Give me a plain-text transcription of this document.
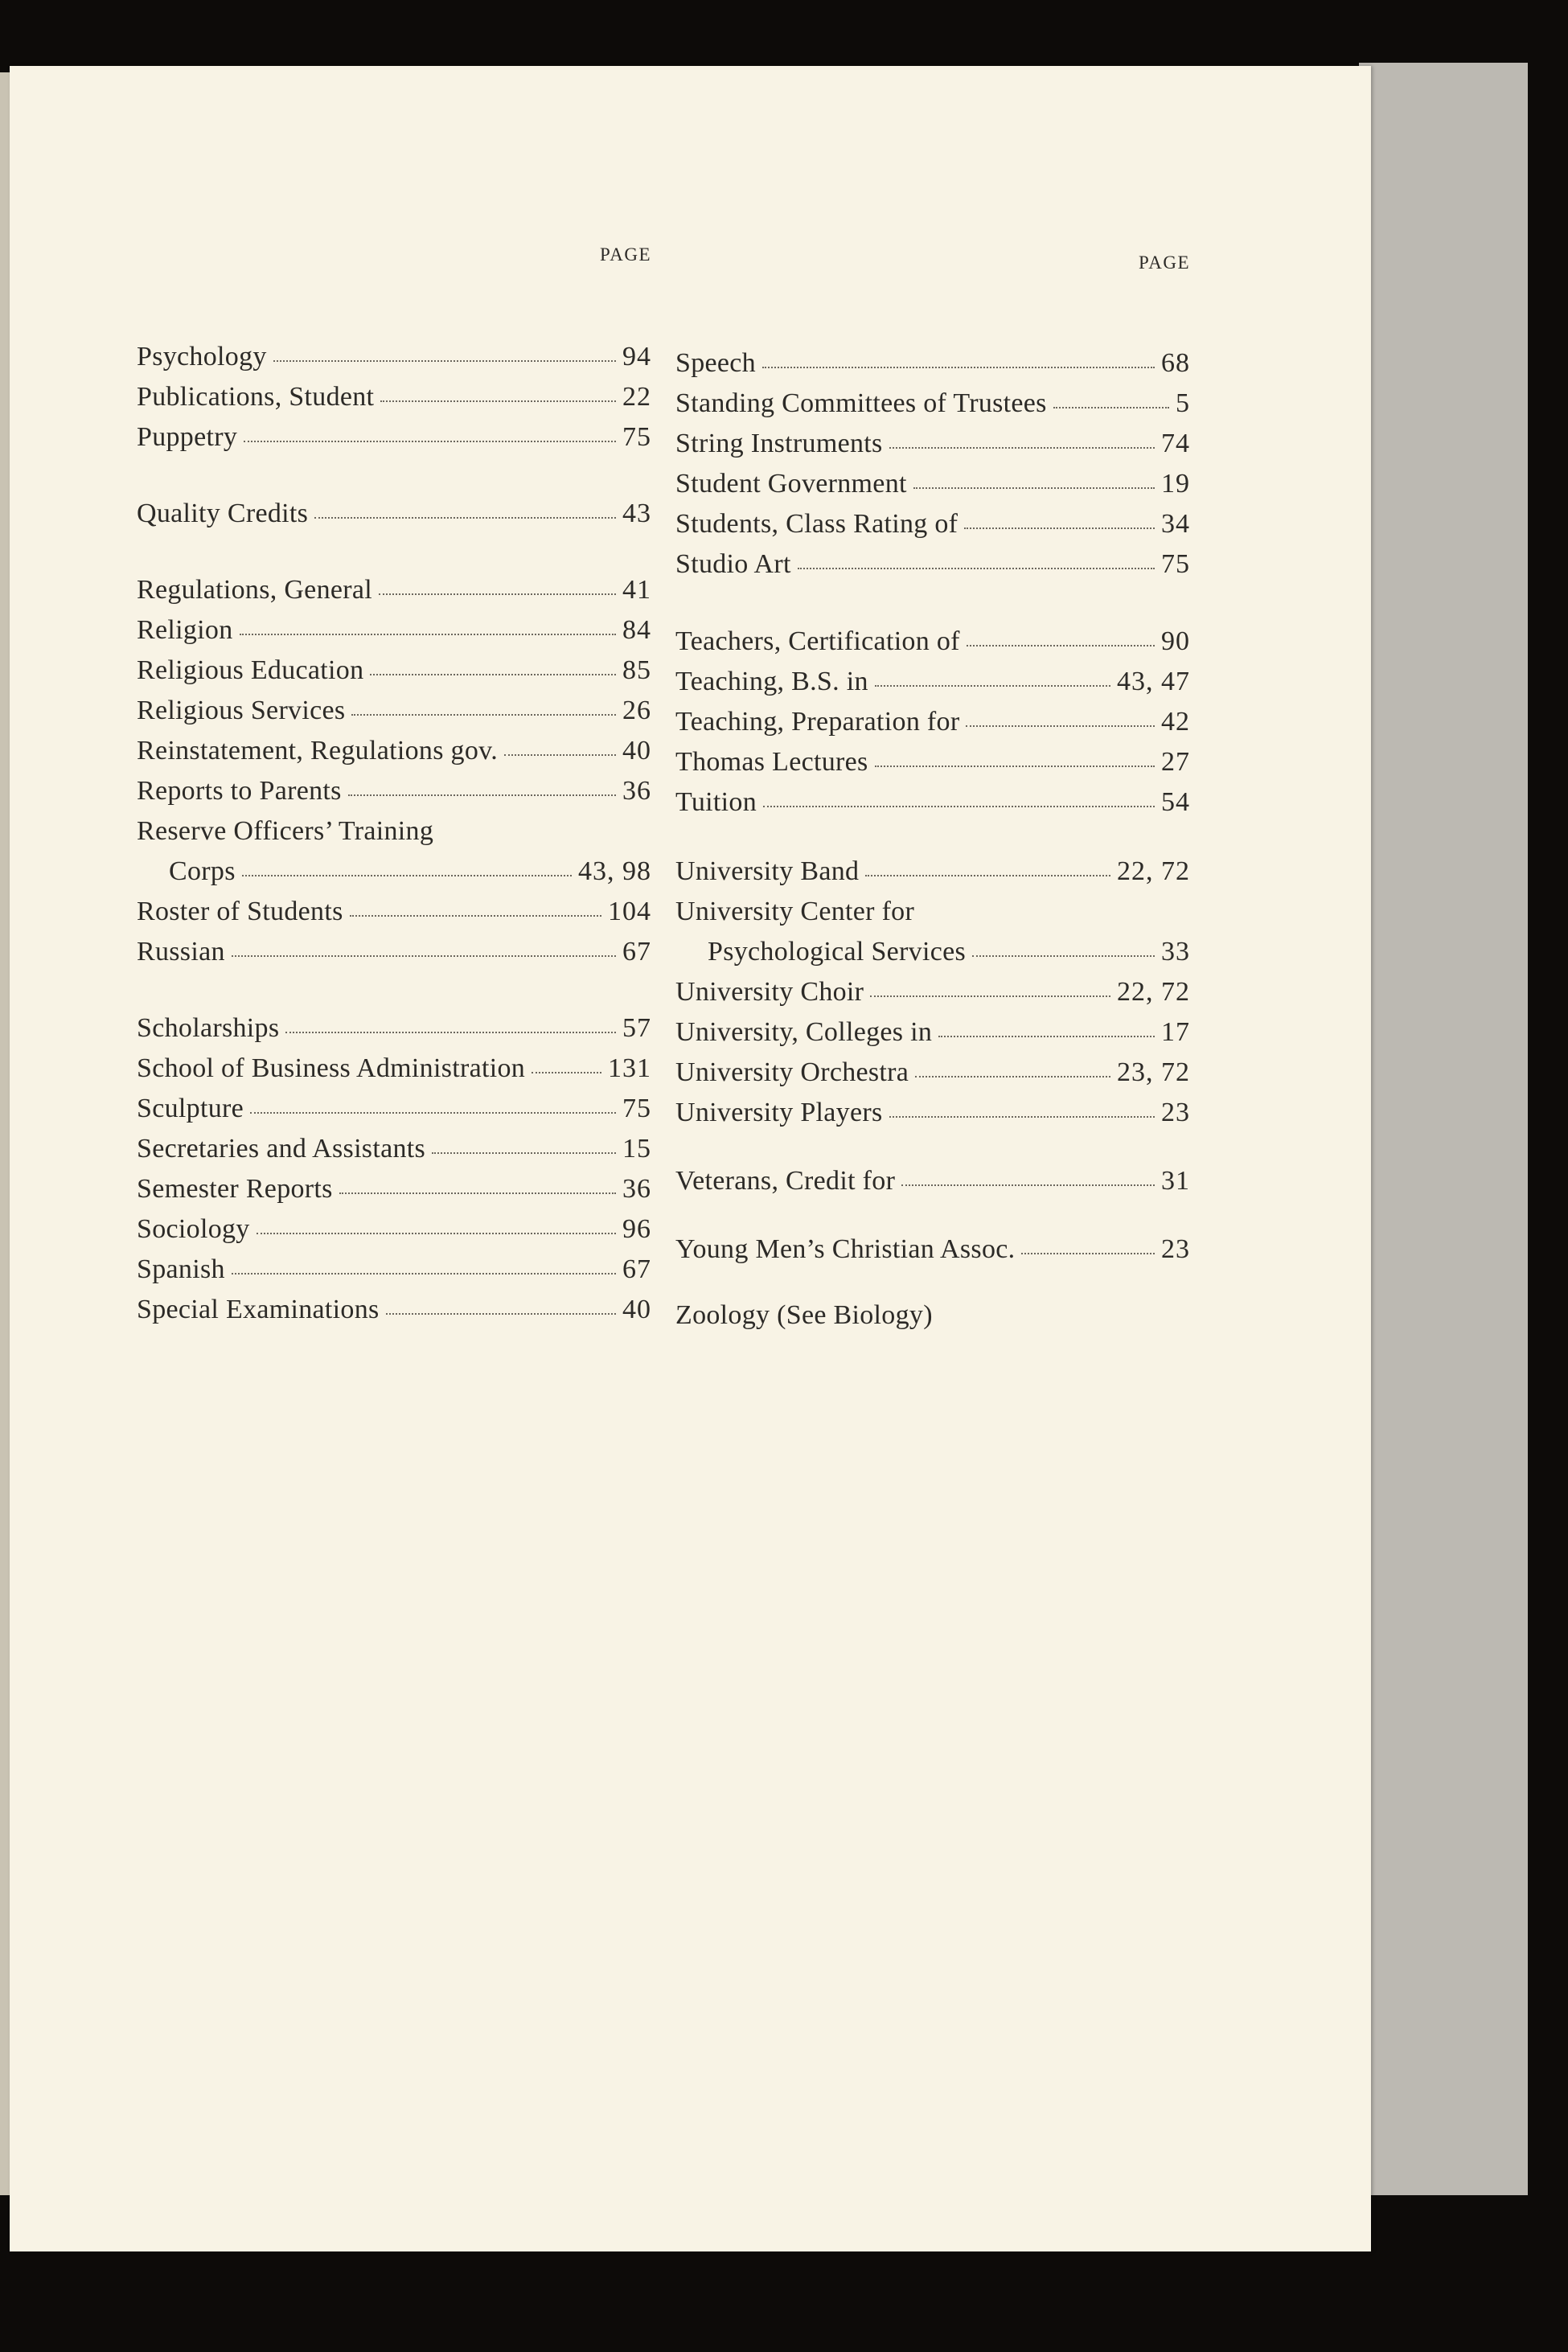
PAGE
Psychology	94
Publications, Student	22
Puppetry	75
Quality Credits	43
Regulations, General	41
Religion	84
Religious Education	85
Religious Services	26
Reinstatement, Regulations gov.	40
Reports to Parents	36
Reserve Officers’ Training
Corps	43, 98
Roster of Students	104
Russian	67
Scholarships	57
School of Business Administration	131
Sculpture	75
Secretaries and Assistants	15
Semester Reports	36
Sociology	96
Spanish	67
Special Examinations	40
PAGE
Speech	68
Standing Committees of Trustees	5
String Instruments	74
Student Government	19
Students, Class Rating of	34
Studio Art	75
Teachers, Certification of	90
Teaching, B.S. in	43, 47
Teaching, Preparation for	42
Thomas Lectures	27
Tuition	54
University Band	22, 72
University Center for
Psychological Services	33
University Choir	22, 72
University, Colleges in	17
University Orchestra	23, 72
University Players	23
Veterans, Credit for	31
Young Men’s Christian Assoc.	23
Zoology (See Biology)
